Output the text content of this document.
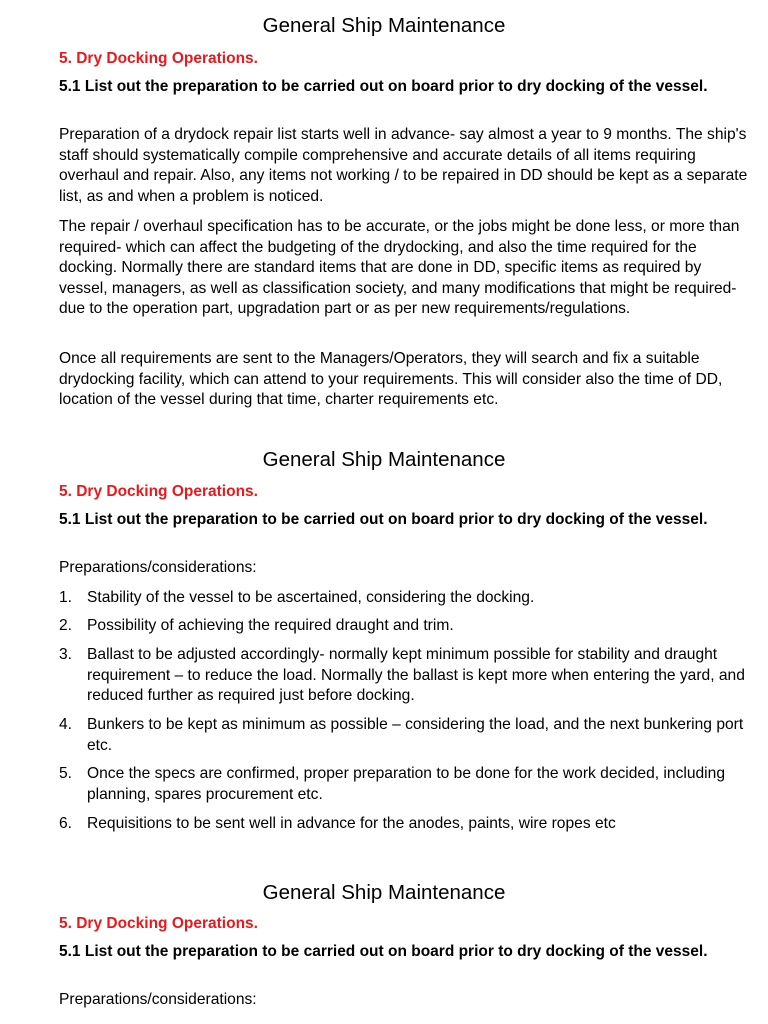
General Ship Maintenance

5. Dry Docking Operations.

5.1 List out the preparation to be carried out on board prior to dry docking of the vessel.

Preparation of a drydock repair list starts well in advance- say almost a year to 9 months. The ship's staff should systematically compile comprehensive and accurate details of all items requiring overhaul and repair. Also, any items not working / to be repaired in DD should be kept as a separate list, as and when a problem is noticed.

The repair / overhaul specification has to be accurate, or the jobs might be done less, or more than required- which can affect the budgeting of the drydocking, and also the time required for the docking. Normally there are standard items that are done in DD, specific items as required by vessel, managers, as well as classification society, and many modifications that might be required- due to the operation part, upgradation part or as per new requirements/regulations.

Once all requirements are sent to the Managers/Operators, they will search and fix a suitable drydocking facility, which can attend to your requirements. This will consider also the time of DD, location of the vessel during that time, charter requirements etc.

General Ship Maintenance

5. Dry Docking Operations.

5.1 List out the preparation to be carried out on board prior to dry docking of the vessel.

Preparations/considerations:

1. Stability of the vessel to be ascertained, considering the docking.
2. Possibility of achieving the required draught and trim.
3. Ballast to be adjusted accordingly- normally kept minimum possible for stability and draught requirement – to reduce the load. Normally the ballast is kept more when entering the yard, and reduced further as required just before docking.
4. Bunkers to be kept as minimum as possible – considering the load, and the next bunkering port etc.
5. Once the specs are confirmed, proper preparation to be done for the work decided, including planning, spares procurement etc.
6. Requisitions to be sent well in advance for the anodes, paints, wire ropes etc
General Ship Maintenance

5. Dry Docking Operations.

5.1 List out the preparation to be carried out on board prior to dry docking of the vessel.

Preparations/considerations:
